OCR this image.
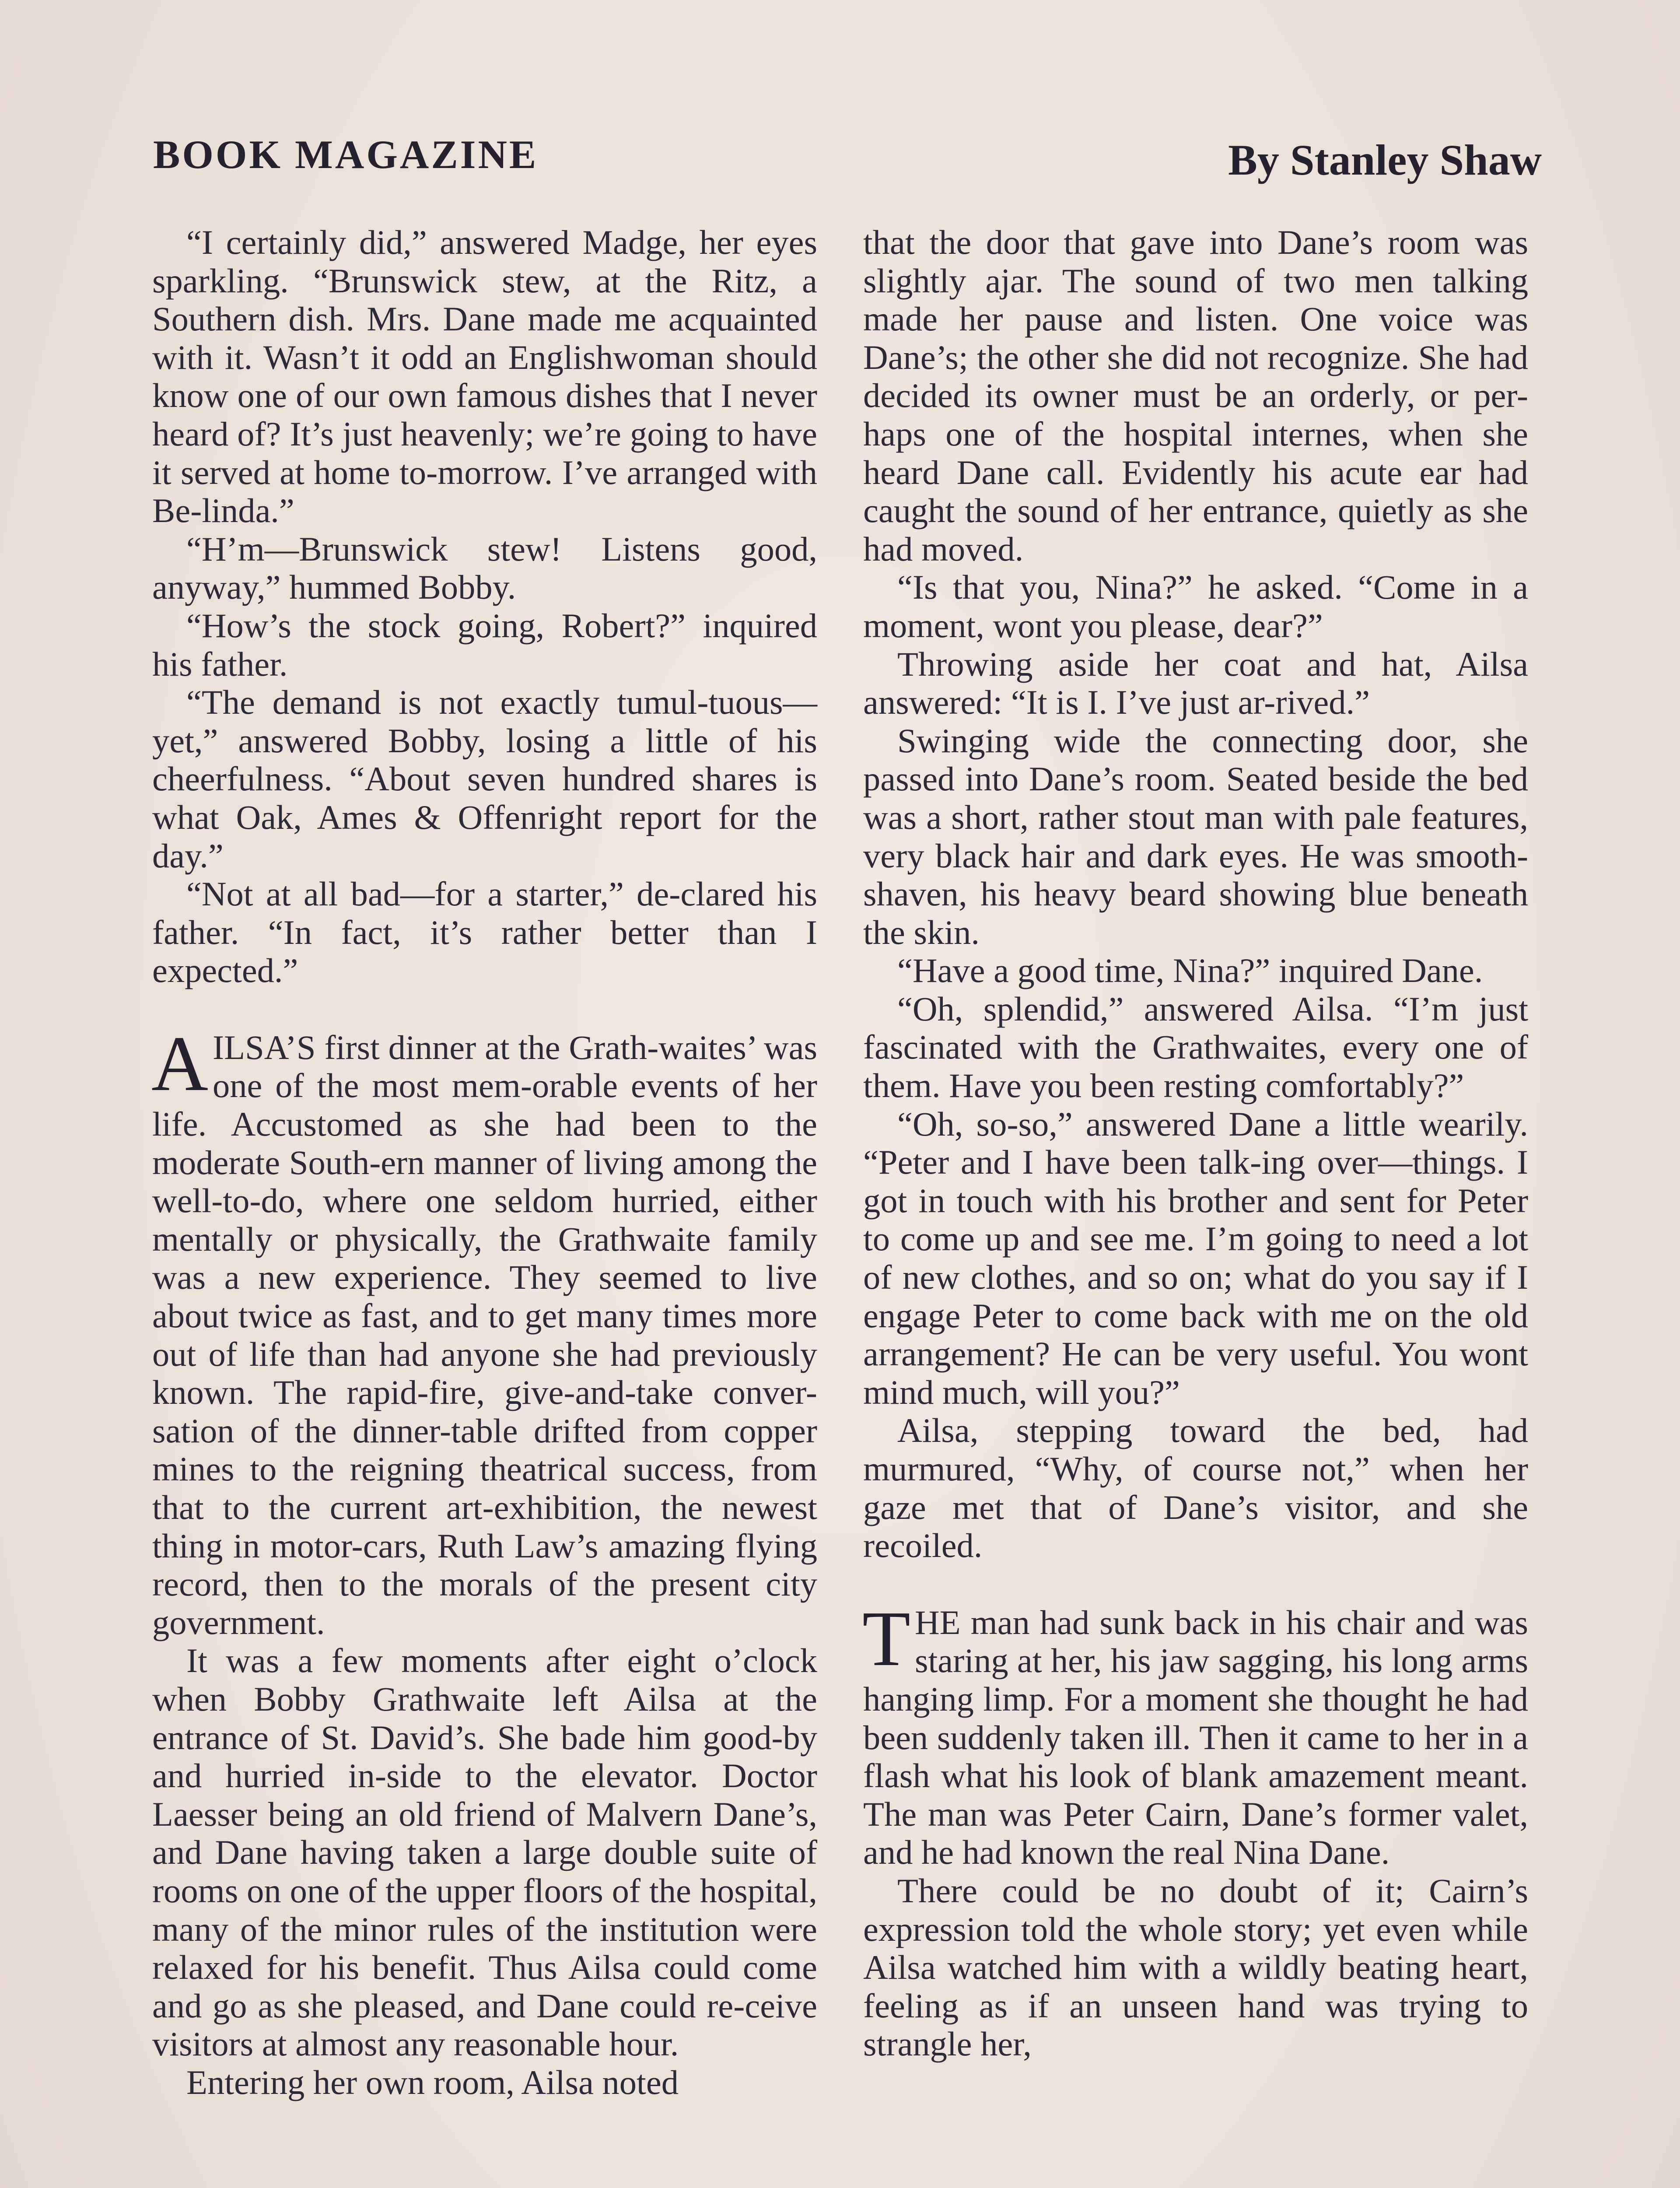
BOOK MAGAZINE	By Stanley Shaw

“I certainly did,” answered Madge, her eyes sparkling. “Brunswick stew, at the Ritz, a Southern dish. Mrs. Dane made me acquainted with it. Wasn’t it odd an Englishwoman should know one of our own famous dishes that I never heard of? It’s just heavenly; we’re going to have it served at home to-morrow. I’ve arranged with Be-linda.”

“H’m—Brunswick stew! Listens good, anyway,” hummed Bobby.

“How’s the stock going, Robert?” inquired his father.

“The demand is not exactly tumul-tuous—yet,” answered Bobby, losing a little of his cheerfulness. “About seven hundred shares is what Oak, Ames & Offenright report for the day.”

“Not at all bad—for a starter,” de-clared his father. “In fact, it’s rather better than I expected.”

AILSA’S first dinner at the Grath-waites’ was one of the most mem-orable events of her life. Accustomed as she had been to the moderate South-ern manner of living among the well-to-do, where one seldom hurried, either mentally or physically, the Grathwaite family was a new experience. They seemed to live about twice as fast, and to get many times more out of life than had anyone she had previously known. The rapid-fire, give-and-take conver-sation of the dinner-table drifted from copper mines to the reigning theatrical success, from that to the current art-exhibition, the newest thing in motor-cars, Ruth Law’s amazing flying record, then to the morals of the present city government.

It was a few moments after eight o’clock when Bobby Grathwaite left Ailsa at the entrance of St. David’s. She bade him good-by and hurried in-side to the elevator. Doctor Laesser being an old friend of Malvern Dane’s, and Dane having taken a large double suite of rooms on one of the upper floors of the hospital, many of the minor rules of the institution were relaxed for his benefit. Thus Ailsa could come and go as she pleased, and Dane could re-ceive visitors at almost any reasonable hour.

Entering her own room, Ailsa noted

that the door that gave into Dane’s room was slightly ajar. The sound of two men talking made her pause and listen. One voice was Dane’s; the other she did not recognize. She had decided its owner must be an orderly, or per-haps one of the hospital internes, when she heard Dane call. Evidently his acute ear had caught the sound of her entrance, quietly as she had moved.

“Is that you, Nina?” he asked. “Come in a moment, wont you please, dear?”

Throwing aside her coat and hat, Ailsa answered: “It is I. I’ve just ar-rived.”

Swinging wide the connecting door, she passed into Dane’s room. Seated beside the bed was a short, rather stout man with pale features, very black hair and dark eyes. He was smooth-shaven, his heavy beard showing blue beneath the skin.

“Have a good time, Nina?” inquired Dane.

“Oh, splendid,” answered Ailsa. “I’m just fascinated with the Grathwaites, every one of them. Have you been resting comfortably?”

“Oh, so-so,” answered Dane a little wearily. “Peter and I have been talk-ing over—things. I got in touch with his brother and sent for Peter to come up and see me. I’m going to need a lot of new clothes, and so on; what do you say if I engage Peter to come back with me on the old arrangement? He can be very useful. You wont mind much, will you?”

Ailsa, stepping toward the bed, had murmured, “Why, of course not,” when her gaze met that of Dane’s visitor, and she recoiled.

THE man had sunk back in his chair and was staring at her, his jaw sagging, his long arms hanging limp. For a moment she thought he had been suddenly taken ill. Then it came to her in a flash what his look of blank amazement meant. The man was Peter Cairn, Dane’s former valet, and he had known the real Nina Dane.

There could be no doubt of it; Cairn’s expression told the whole story; yet even while Ailsa watched him with a wildly beating heart, feeling as if an unseen hand was trying to strangle her,
